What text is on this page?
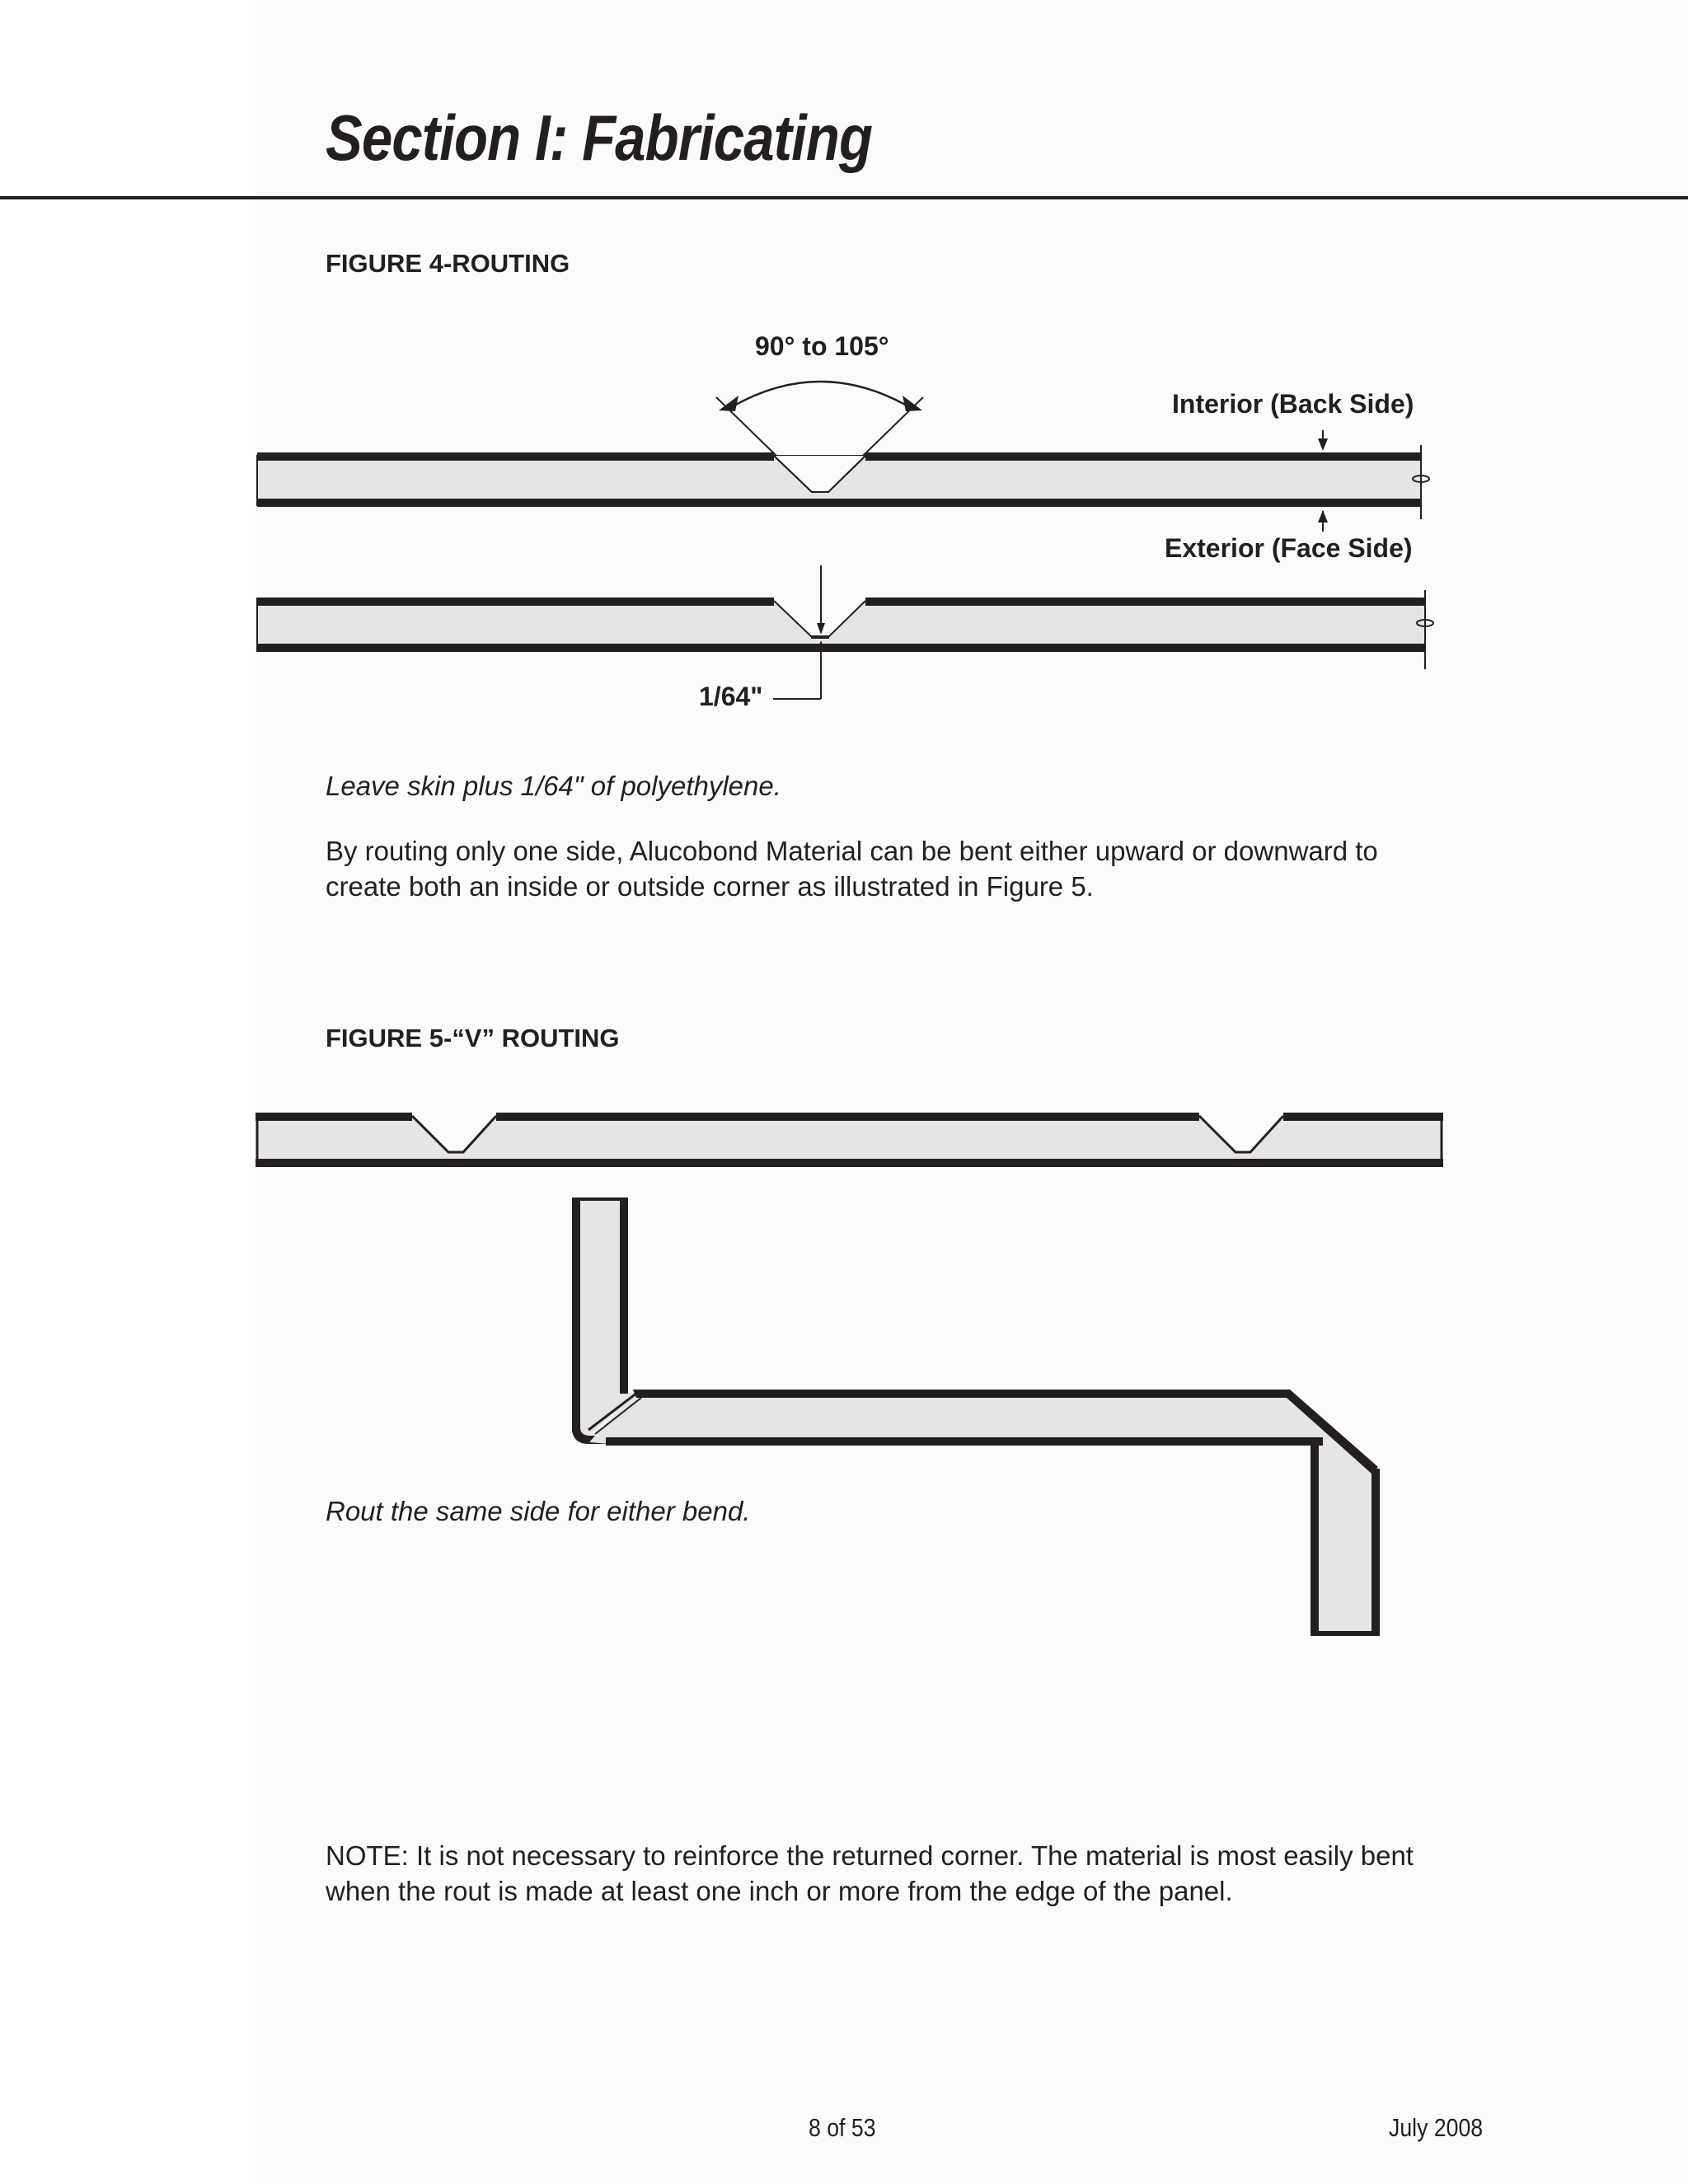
Section I: Fabricating
FIGURE 4-ROUTING
90° to 105°
Interior (Back Side)
Exterior (Face Side)
1/64"

Leave skin plus 1/64" of polyethylene.

By routing only one side, Alucobond Material can be bent either upward or downward to create both an inside or outside corner as illustrated in Figure 5.

FIGURE 5-“V” ROUTING

Rout the same side for either bend.

NOTE: It is not necessary to reinforce the returned corner. The material is most easily bent when the rout is made at least one inch or more from the edge of the panel.

8 of 53	July 2008
